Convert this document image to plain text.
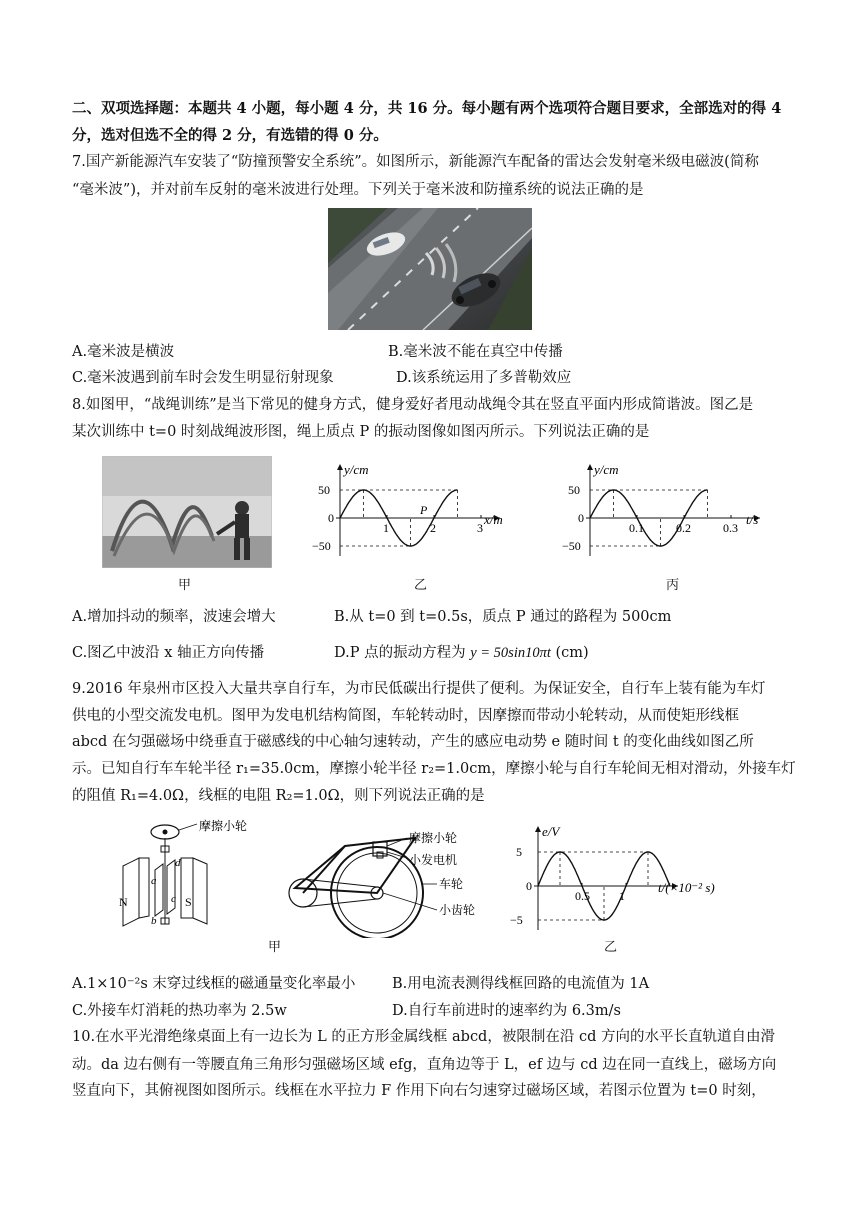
二、双项选择题：本题共 4 小题，每小题 4 分，共 16 分。每小题有两个选项符合题目要求，全部选对的得 4
分，选对但选不全的得 2 分，有选错的得 0 分。
7.国产新能源汽车安装了“防撞预警安全系统”。如图所示，新能源汽车配备的雷达会发射毫米级电磁波(简称
“毫米波”)，并对前车反射的毫米波进行处理。下列关于毫米波和防撞系统的说法正确的是
A.毫米波是横波	B.毫米波不能在真空中传播
C.毫米波遇到前车时会发生明显衍射现象	D.该系统运用了多普勒效应
8.如图甲，“战绳训练”是当下常见的健身方式，健身爱好者甩动战绳令其在竖直平面内形成简谐波。图乙是
某次训练中 t=0 时刻战绳波形图，绳上质点 P 的振动图像如图丙所示。下列说法正确的是
甲
y/cm
x/m
50
0
−50
1	2	3
P
乙
y/cm
t/s
50
0
−50
0.1	0.2	0.3
丙
A.增加抖动的频率，波速会增大	B.从 t=0 到 t=0.5s，质点 P 通过的路程为 500cm
C.图乙中波沿 x 轴正方向传播	D.P 点的振动方程为 y = 50sin10πt (cm)
9.2016 年泉州市区投入大量共享自行车，为市民低碳出行提供了便利。为保证安全，自行车上装有能为车灯
供电的小型交流发电机。图甲为发电机结构简图，车轮转动时，因摩擦而带动小轮转动，从而使矩形线框
abcd 在匀强磁场中绕垂直于磁感线的中心轴匀速转动，产生的感应电动势 e 随时间 t 的变化曲线如图乙所
示。已知自行车车轮半径 r₁=35.0cm，摩擦小轮半径 r₂=1.0cm，摩擦小轮与自行车轮间无相对滑动，外接车灯
的阻值 R₁=4.0Ω，线框的电阻 R₂=1.0Ω，则下列说法正确的是
摩擦小轮
N	S
d
a
c
b
摩擦小轮
小发电机
车轮
小齿轮
甲
e/V
t/(×10⁻² s)
5
0
−5
0.5 1
乙
A.1×10⁻²s 末穿过线框的磁通量变化率最小	B.用电流表测得线框回路的电流值为 1A
C.外接车灯消耗的热功率为 2.5w	D.自行车前进时的速率约为 6.3m/s
10.在水平光滑绝缘桌面上有一边长为 L 的正方形金属线框 abcd，被限制在沿 cd 方向的水平长直轨道自由滑
动。da 边右侧有一等腰直角三角形匀强磁场区域 efg，直角边等于 L，ef 边与 cd 边在同一直线上，磁场方向
竖直向下，其俯视图如图所示。线框在水平拉力 F 作用下向右匀速穿过磁场区域，若图示位置为 t=0 时刻，
